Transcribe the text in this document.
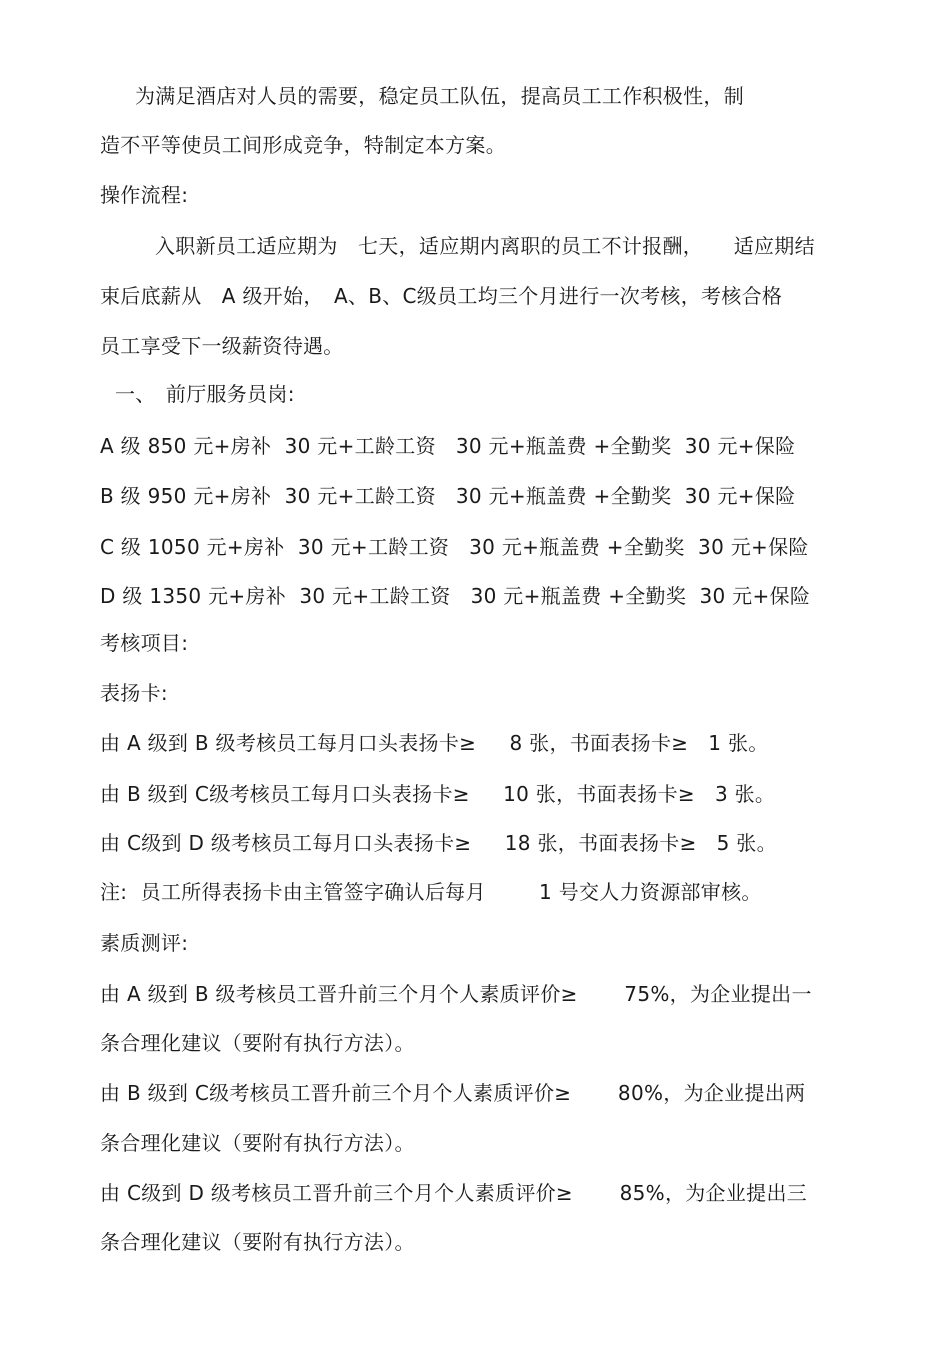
为满足酒店对人员的需要，稳定员工队伍，提高员工工作积极性，制
造不平等使员工间形成竞争，特制定本方案。
操作流程:
入职新员工适应期为　七天，适应期内离职的员工不计报酬，　　适应期结
束后底薪从　A 级开始，　A、B、C级员工均三个月进行一次考核，考核合格
员工享受下一级薪资待遇。
一、　前厅服务员岗:
A 级 850 元+房补  30 元+工龄工资   30 元+瓶盖费 +全勤奖  30 元+保险
B 级 950 元+房补  30 元+工龄工资   30 元+瓶盖费 +全勤奖  30 元+保险
C 级 1050 元+房补  30 元+工龄工资   30 元+瓶盖费 +全勤奖  30 元+保险
D 级 1350 元+房补  30 元+工龄工资   30 元+瓶盖费 +全勤奖  30 元+保险
考核项目:
表扬卡:
由 A 级到 B 级考核员工每月口头表扬卡≥     8 张，书面表扬卡≥   1 张。
由 B 级到 C级考核员工每月口头表扬卡≥     10 张，书面表扬卡≥   3 张。
由 C级到 D 级考核员工每月口头表扬卡≥     18 张，书面表扬卡≥   5 张。
注:  员工所得表扬卡由主管签字确认后每月        1 号交人力资源部审核。
素质测评:
由 A 级到 B 级考核员工晋升前三个月个人素质评价≥       75%，为企业提出一
条合理化建议（要附有执行方法）。
由 B 级到 C级考核员工晋升前三个月个人素质评价≥       80%，为企业提出两
条合理化建议（要附有执行方法）。
由 C级到 D 级考核员工晋升前三个月个人素质评价≥       85%，为企业提出三
条合理化建议（要附有执行方法）。
